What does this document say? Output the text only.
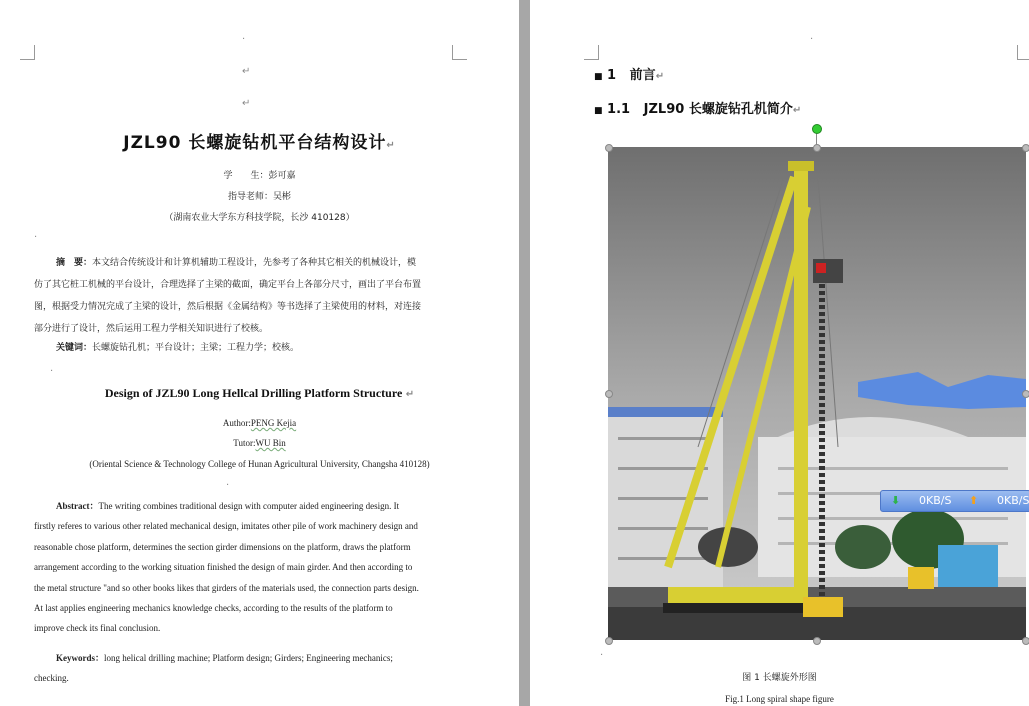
·
↵
↵
JZL90 长螺旋钻机平台结构设计↵
学　　生：彭可嘉
指导老师：吴彬
（湖南农业大学东方科技学院，长沙 410128）
·
摘　要：本文结合传统设计和计算机辅助工程设计，先参考了各种其它相关的机械设计，模
仿了其它桩工机械的平台设计，合理选择了主梁的截面，确定平台上各部分尺寸，画出了平台布置
图，根据受力情况完成了主梁的设计，然后根据《金属结构》等书选择了主梁使用的材料，对连接
部分进行了设计，然后运用工程力学相关知识进行了校核。
关键词：长螺旋钻孔机；平台设计；主梁；工程力学；校核。
·
Design of JZL90 Long Hellcal Drilling Platform Structure ↵
Author:PENG Kejia
Tutor:WU Bin
(Oriental Science & Technology College of Hunan Agricultural University, Changsha 410128)
·
Abstract：The writing combines traditional design with computer aided engineering design. It
firstly referes to various other related mechanical design, imitates other pile of work machinery design and
reasonable chose platform, determines the section girder dimensions on the platform, draws the platform
arrangement according to the working situation finished the design of main girder. And then according to
the metal structure "and so other books likes that girders of the materials used, the connection parts design.
At last applies engineering mechanics knowledge checks, according to the results of the platform to
improve check its final conclusion.
Keywords：long helical drilling machine; Platform design; Girders; Engineering mechanics;
checking.
·
■ 1 前言↵
■ 1.1 JZL90 长螺旋钻孔机简介↵
⬇ 0KB/S ⬆ 0KB/S
·
图 1 长螺旋外形图
Fig.1 Long spiral shape figure
